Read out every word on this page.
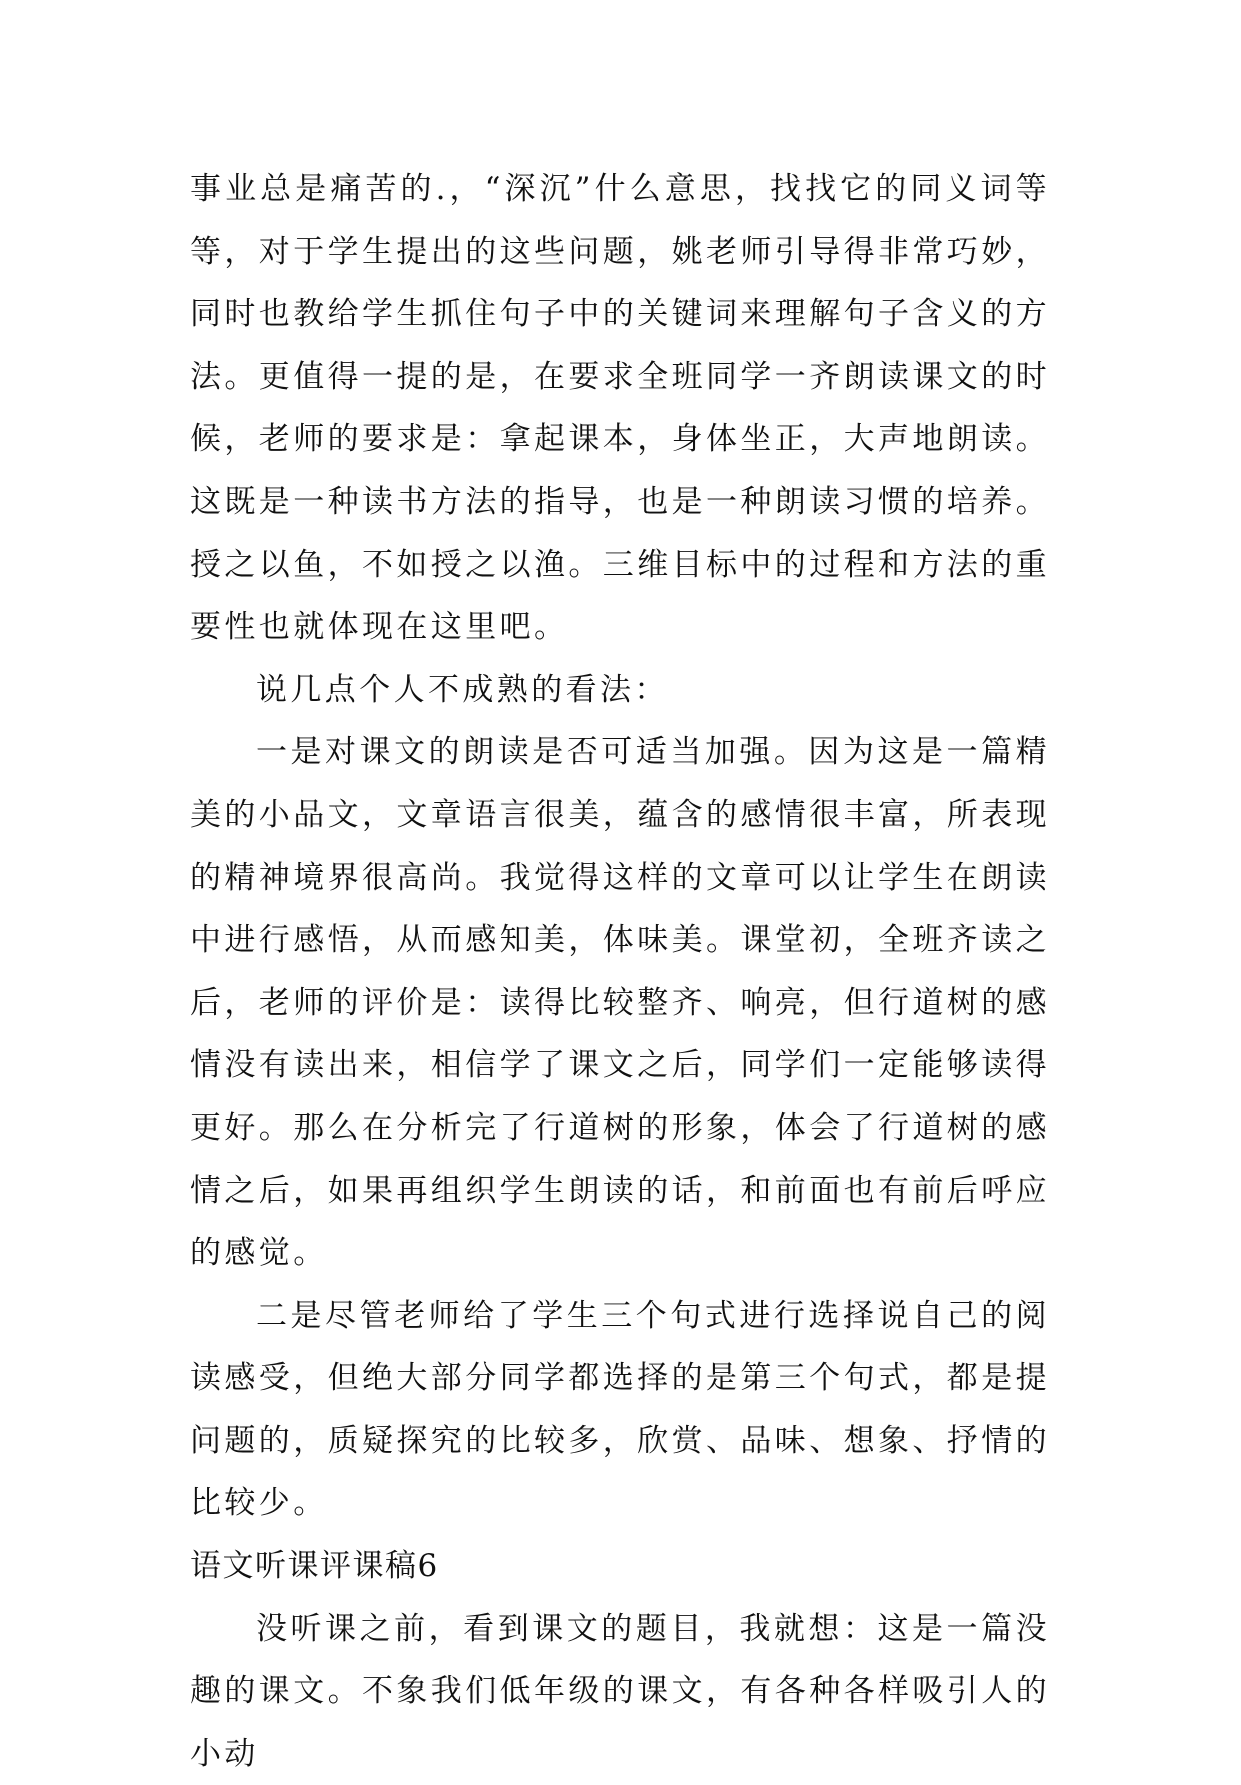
事业总是痛苦的.，“深沉”什么意思，找找它的同义词等等，对于学生提出的这些问题，姚老师引导得非常巧妙，同时也教给学生抓住句子中的关键词来理解句子含义的方法。更值得一提的是，在要求全班同学一齐朗读课文的时候，老师的要求是：拿起课本，身体坐正，大声地朗读。这既是一种读书方法的指导，也是一种朗读习惯的培养。授之以鱼，不如授之以渔。三维目标中的过程和方法的重要性也就体现在这里吧。

说几点个人不成熟的看法：

一是对课文的朗读是否可适当加强。因为这是一篇精美的小品文，文章语言很美，蕴含的感情很丰富，所表现的精神境界很高尚。我觉得这样的文章可以让学生在朗读中进行感悟，从而感知美，体味美。课堂初，全班齐读之后，老师的评价是：读得比较整齐、响亮，但行道树的感情没有读出来，相信学了课文之后，同学们一定能够读得更好。那么在分析完了行道树的形象，体会了行道树的感情之后，如果再组织学生朗读的话，和前面也有前后呼应的感觉。

二是尽管老师给了学生三个句式进行选择说自己的阅读感受，但绝大部分同学都选择的是第三个句式，都是提问题的，质疑探究的比较多，欣赏、品味、想象、抒情的比较少。

语文听课评课稿6

没听课之前，看到课文的题目，我就想：这是一篇没趣的课文。不象我们低年级的课文，有各种各样吸引人的小动
